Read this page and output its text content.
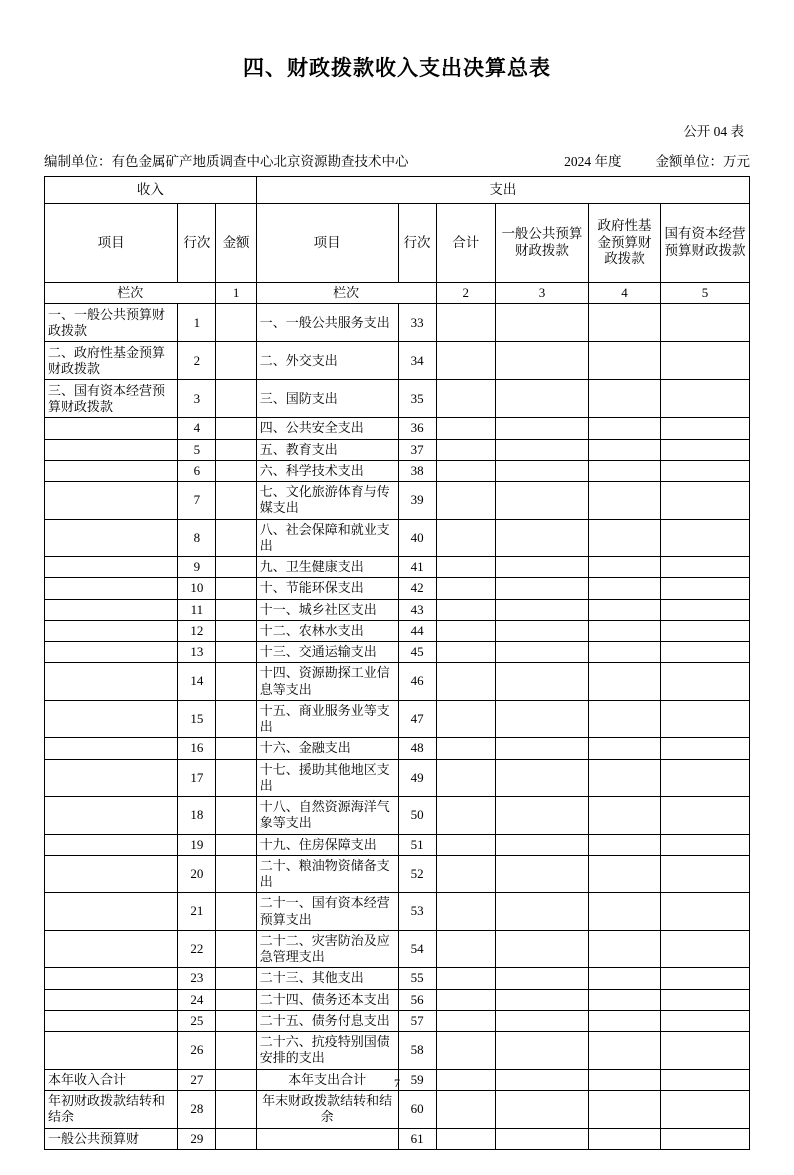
四、财政拨款收入支出决算总表
公开 04 表
编制单位：有色金属矿产地质调查中心北京资源勘查技术中心	2024 年度	金额单位：万元
收入			支出					
项目	行次	金额	项目	行次	合计	一般公共预算财政拨款	政府性基金预算财政拨款	国有资本经营预算财政拨款
栏次		1	栏次		2	3	4	5
一、一般公共预算财政拨款	1		一、一般公共服务支出	33				
二、政府性基金预算财政拨款	2		二、外交支出	34				
三、国有资本经营预算财政拨款	3		三、国防支出	35				
	4		四、公共安全支出	36				
	5		五、教育支出	37				
	6		六、科学技术支出	38				
	7		七、文化旅游体育与传媒支出	39				
	8		八、社会保障和就业支出	40				
	9		九、卫生健康支出	41				
	10		十、节能环保支出	42				
	11		十一、城乡社区支出	43				
	12		十二、农林水支出	44				
	13		十三、交通运输支出	45				
	14		十四、资源勘探工业信息等支出	46				
	15		十五、商业服务业等支出	47				
	16		十六、金融支出	48				
	17		十七、援助其他地区支出	49				
	18		十八、自然资源海洋气象等支出	50				
	19		十九、住房保障支出	51				
	20		二十、粮油物资储备支出	52				
	21		二十一、国有资本经营预算支出	53				
	22		二十二、灾害防治及应急管理支出	54				
	23		二十三、其他支出	55				
	24		二十四、债务还本支出	56				
	25		二十五、债务付息支出	57				
	26		二十六、抗疫特别国债安排的支出	58				
本年收入合计	27		本年支出合计	59				
年初财政拨款结转和结余	28		年末财政拨款结转和结余	60				
一般公共预算财	29			61				
7
